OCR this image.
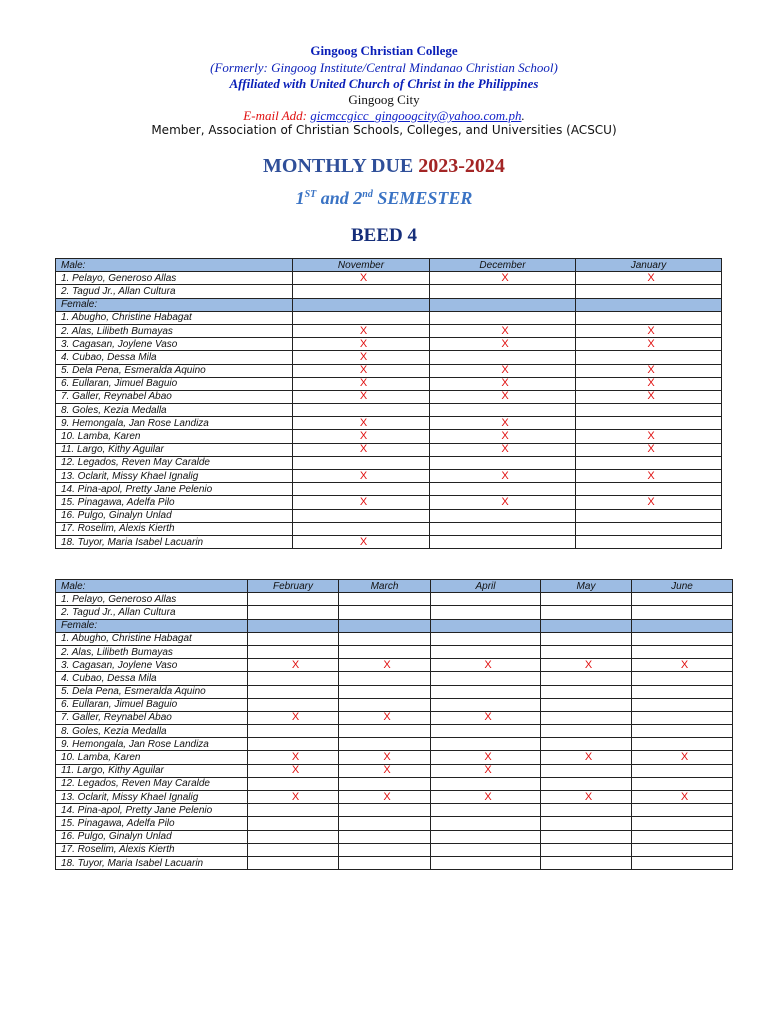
Gingoog Christian College
(Formerly: Gingoog Institute/Central Mindanao Christian School)
Affiliated with United Church of Christ in the Philippines
Gingoog City
E-mail Add: gicmccgicc_gingoogcity@yahoo.com.ph.
Member, Association of Christian Schools, Colleges, and Universities (ACSCU)
MONTHLY DUE 2023-2024
1ST and 2nd SEMESTER
BEED 4
Male:	November	December	January
1. Pelayo, Generoso Allas	X	X	X
2. Tagud Jr., Allan Cultura			
Female:			
1. Abugho, Christine Habagat			
2. Alas, Lilibeth Bumayas	X	X	X
3. Cagasan, Joylene Vaso	X	X	X
4. Cubao, Dessa Mila	X		
5. Dela Pena, Esmeralda Aquino	X	X	X
6. Eullaran, Jimuel Baguio	X	X	X
7. Galler, Reynabel Abao	X	X	X
8. Goles, Kezia Medalla			
9. Hemongala, Jan Rose Landiza	X	X	
10. Lamba, Karen	X	X	X
11. Largo, Kithy Aguilar	X	X	X
12. Legados, Reven May Caralde			
13. Oclarit, Missy Khael Ignalig	X	X	X
14. Pina-apol, Pretty Jane Pelenio			
15. Pinagawa, Adelfa Pilo	X	X	X
16. Pulgo, Ginalyn Unlad			
17. Roselim, Alexis Kierth			
18. Tuyor, Maria Isabel Lacuarin	X		
Male:	February	March	April	May	June
1. Pelayo, Generoso Allas					
2. Tagud Jr., Allan Cultura					
Female:					
1. Abugho, Christine Habagat					
2. Alas, Lilibeth Bumayas					
3. Cagasan, Joylene Vaso	X	X	X	X	X
4. Cubao, Dessa Mila					
5. Dela Pena, Esmeralda Aquino					
6. Eullaran, Jimuel Baguio					
7. Galler, Reynabel Abao	X	X	X		
8. Goles, Kezia Medalla					
9. Hemongala, Jan Rose Landiza					
10. Lamba, Karen	X	X	X	X	X
11. Largo, Kithy Aguilar	X	X	X		
12. Legados, Reven May Caralde					
13. Oclarit, Missy Khael Ignalig	X	X	X	X	X
14. Pina-apol, Pretty Jane Pelenio					
15. Pinagawa, Adelfa Pilo					
16. Pulgo, Ginalyn Unlad					
17. Roselim, Alexis Kierth					
18. Tuyor, Maria Isabel Lacuarin					
